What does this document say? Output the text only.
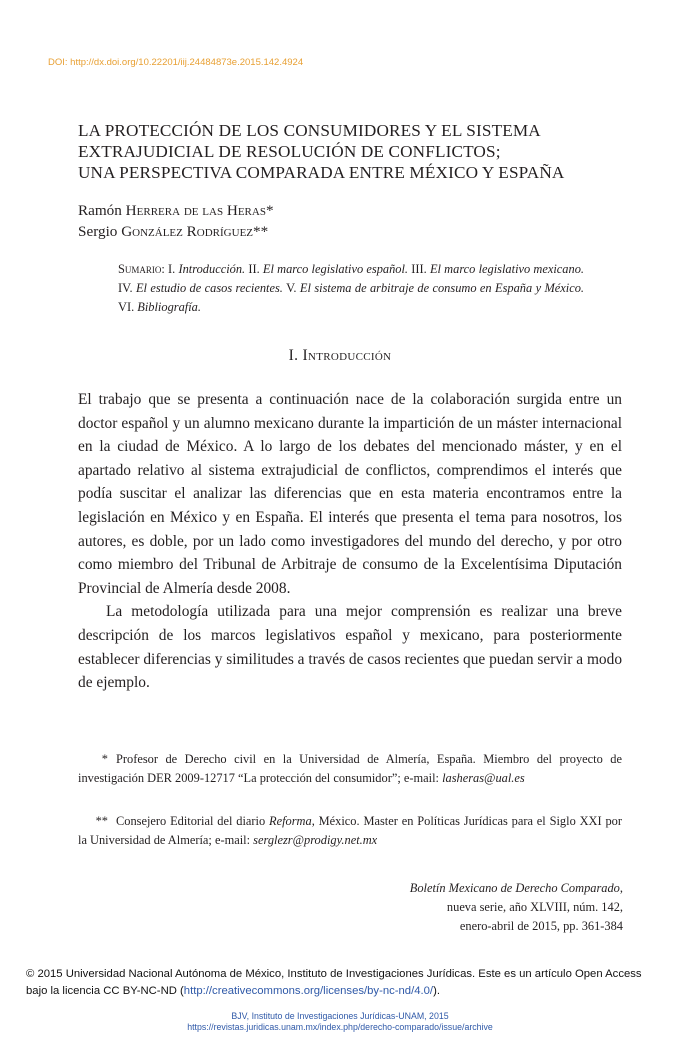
DOI: http://dx.doi.org/10.22201/iij.24484873e.2015.142.4924
LA PROTECCIÓN DE LOS CONSUMIDORES Y EL SISTEMA
EXTRAJUDICIAL DE RESOLUCIÓN DE CONFLICTOS;
UNA PERSPECTIVA COMPARADA ENTRE MÉXICO Y ESPAÑA
Ramón Herrera de las Heras*
Sergio González Rodríguez**
Sumario: I. Introducción. II. El marco legislativo español. III. El marco legislativo mexicano. IV. El estudio de casos recientes. V. El sistema de arbitraje de consumo en España y México. VI. Bibliografía.
I. Introducción

El trabajo que se presenta a continuación nace de la colaboración surgida entre un doctor español y un alumno mexicano durante la impartición de un máster internacional en la ciudad de México. A lo largo de los debates del mencionado máster, y en el apartado relativo al sistema extrajudicial de conflictos, comprendimos el interés que podía suscitar el analizar las diferencias que en esta materia encontramos entre la legislación en México y en España. El interés que presenta el tema para nosotros, los autores, es doble, por un lado como investigadores del mundo del derecho, y por otro como miembro del Tribunal de Arbitraje de consumo de la Excelentísima Diputación Provincial de Almería desde 2008.

La metodología utilizada para una mejor comprensión es realizar una breve descripción de los marcos legislativos español y mexicano, para posteriormente establecer diferencias y similitudes a través de casos recientes que puedan servir a modo de ejemplo.

* Profesor de Derecho civil en la Universidad de Almería, España. Miembro del proyecto de investigación DER 2009-12717 “La protección del consumidor”; e-mail: lasheras@ual.es
** Consejero Editorial del diario Reforma, México. Master en Políticas Jurídicas para el Siglo XXI por la Universidad de Almería; e-mail: serglezr@prodigy.net.mx
Boletín Mexicano de Derecho Comparado,
nueva serie, año XLVIII, núm. 142,
enero-abril de 2015, pp. 361-384
© 2015 Universidad Nacional Autónoma de México, Instituto de Investigaciones Jurídicas. Este es un artículo Open Access bajo la licencia CC BY-NC-ND (http://creativecommons.org/licenses/by-nc-nd/4.0/).
BJV, Instituto de Investigaciones Jurídicas-UNAM, 2015
https://revistas.juridicas.unam.mx/index.php/derecho-comparado/issue/archive
